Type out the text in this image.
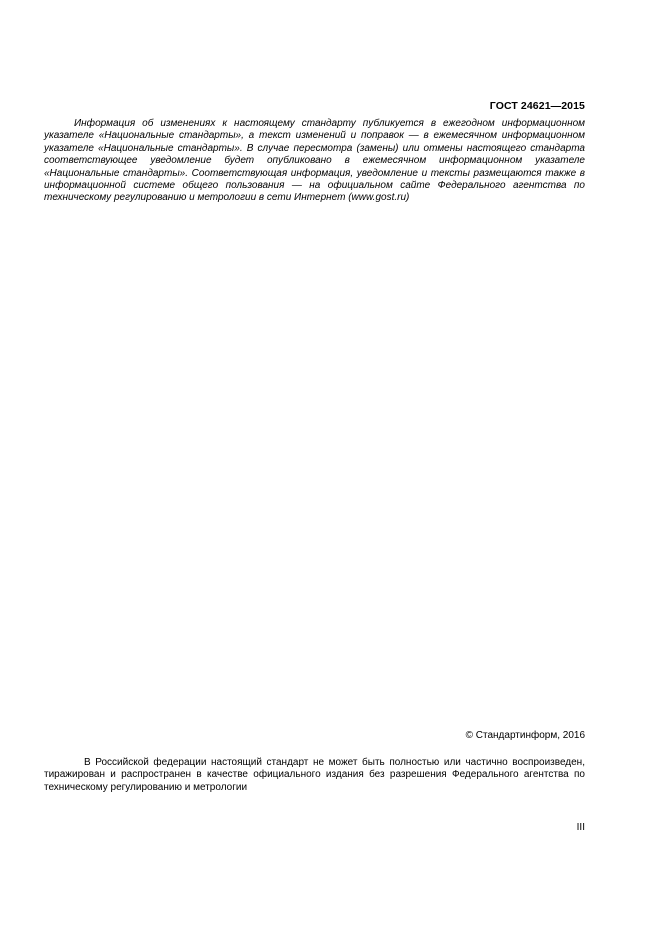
ГОСТ 24621—2015

Информация об изменениях к настоящему стандарту публикуется в ежегодном информационном указателе «Национальные стандарты», а текст изменений и поправок — в ежемесячном информационном указателе «Национальные стандарты». В случае пересмотра (замены) или отмены настоящего стандарта соответствующее уведомление будет опубликовано в ежемесячном информационном указателе «Национальные стандарты». Соответствующая информация, уведомление и тексты размещаются также в информационной системе общего пользования — на официальном сайте Федерального агентства по техническому регулированию и метрологии в сети Интернет (www.gost.ru)

© Стандартинформ, 2016

В Российской федерации настоящий стандарт не может быть полностью или частично воспроизведен, тиражирован и распространен в качестве официального издания без разрешения Федерального агентства по техническому регулированию и метрологии

III
